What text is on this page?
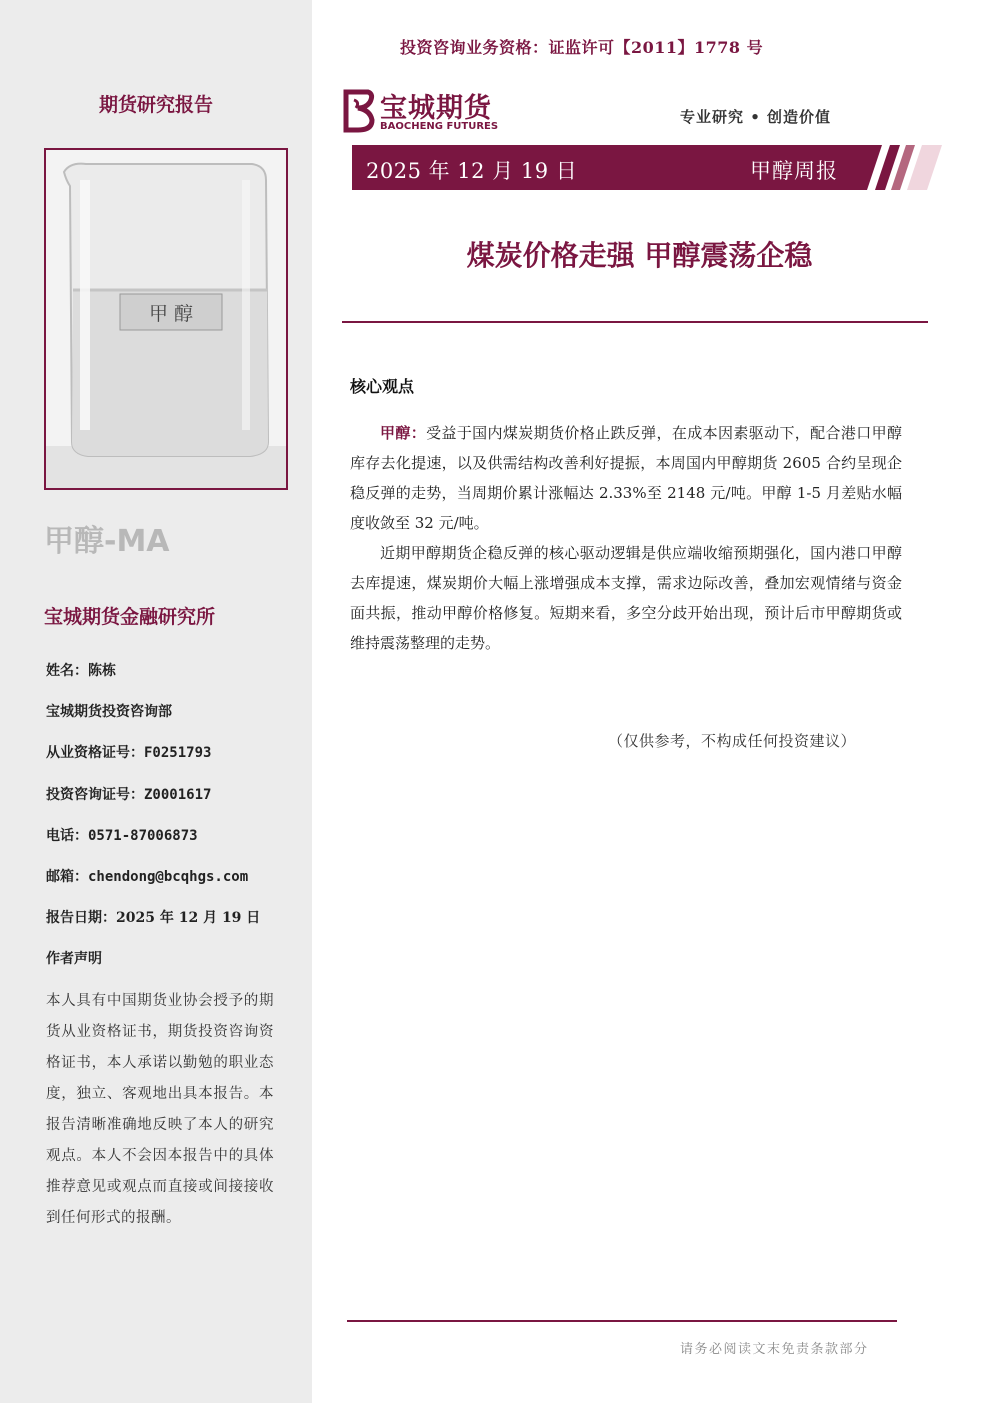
期货研究报告
甲 醇
甲醇-MA
宝城期货金融研究所
姓名：陈栋
宝城期货投资咨询部
从业资格证号：F0251793
投资咨询证号：Z0001617
电话：0571-87006873
邮箱：chendong@bcqhgs.com
报告日期：2025 年 12 月 19 日
作者声明
本人具有中国期货业协会授予的期货从业资格证书，期货投资咨询资格证书，本人承诺以勤勉的职业态度，独立、客观地出具本报告。本报告清晰准确地反映了本人的研究观点。本人不会因本报告中的具体推荐意见或观点而直接或间接接收到任何形式的报酬。
投资咨询业务资格：证监许可【2011】1778 号
宝城期货
BAOCHENG FUTURES
专业研究 • 创造价值
2025 年 12 月 19 日	甲醇周报
煤炭价格走强 甲醇震荡企稳
核心观点
甲醇：受益于国内煤炭期货价格止跌反弹，在成本因素驱动下，配合港口甲醇库存去化提速，以及供需结构改善利好提振，本周国内甲醇期货 2605 合约呈现企稳反弹的走势，当周期价累计涨幅达 2.33%至 2148 元/吨。甲醇 1-5 月差贴水幅度收敛至 32 元/吨。
近期甲醇期货企稳反弹的核心驱动逻辑是供应端收缩预期强化，国内港口甲醇去库提速，煤炭期价大幅上涨增强成本支撑，需求边际改善，叠加宏观情绪与资金面共振，推动甲醇价格修复。短期来看，多空分歧开始出现，预计后市甲醇期货或维持震荡整理的走势。
（仅供参考，不构成任何投资建议）
请务必阅读文末免责条款部分
